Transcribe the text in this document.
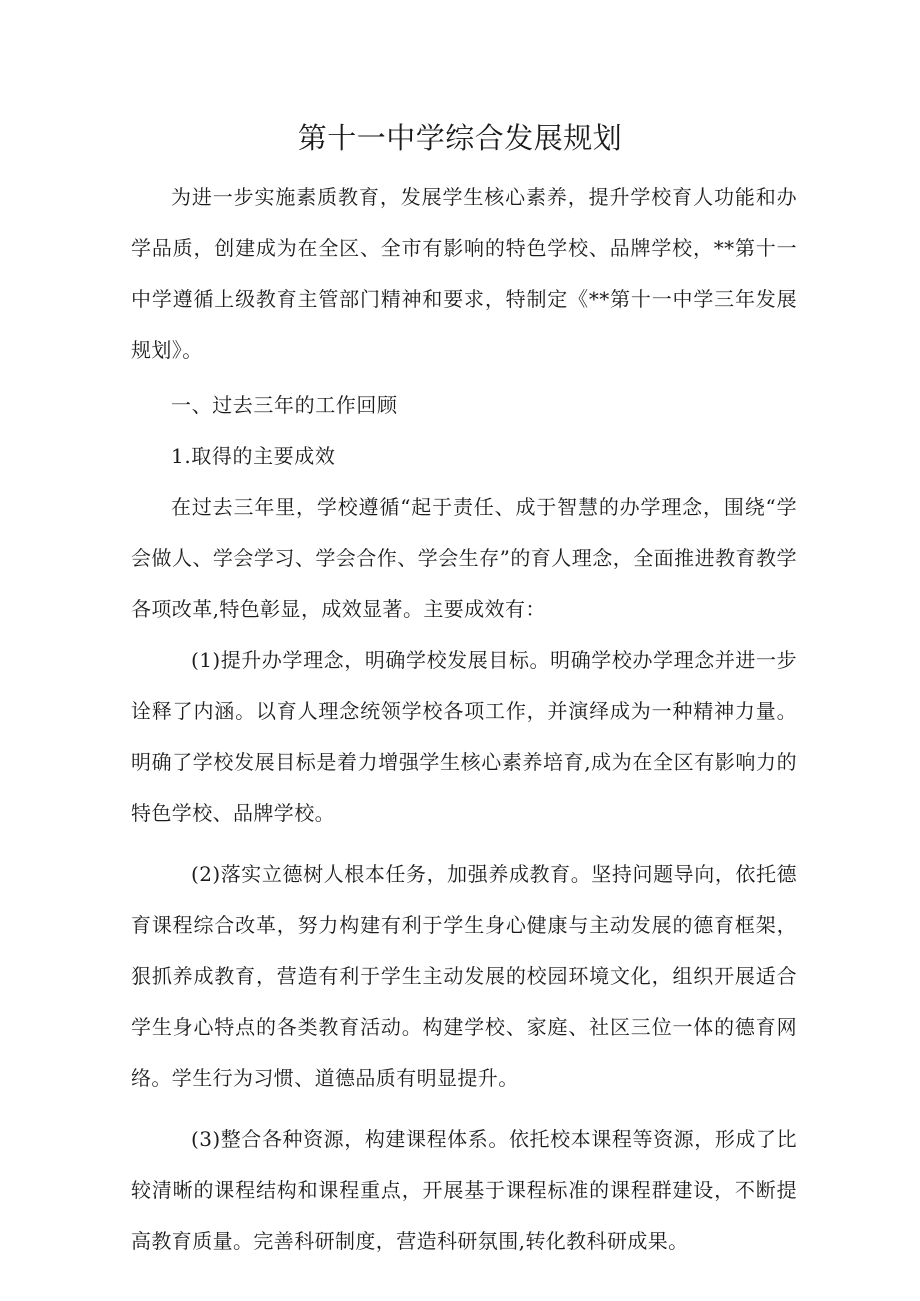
第十一中学综合发展规划

为进一步实施素质教育，发展学生核心素养，提升学校育人功能和办学品质，创建成为在全区、全市有影响的特色学校、品牌学校，**第十一中学遵循上级教育主管部门精神和要求，特制定《**第十一中学三年发展规划》。

一、过去三年的工作回顾

1.取得的主要成效

在过去三年里，学校遵循“起于责任、成于智慧的办学理念，围绕“学会做人、学会学习、学会合作、学会生存”的育人理念，全面推进教育教学各项改革,特色彰显，成效显著。主要成效有：

(1)提升办学理念，明确学校发展目标。明确学校办学理念并进一步诠释了内涵。以育人理念统领学校各项工作，并演绎成为一种精神力量。明确了学校发展目标是着力增强学生核心素养培育,成为在全区有影响力的特色学校、品牌学校。

(2)落实立德树人根本任务，加强养成教育。坚持问题导向，依托德育课程综合改革，努力构建有利于学生身心健康与主动发展的德育框架，狠抓养成教育，营造有利于学生主动发展的校园环境文化，组织开展适合学生身心特点的各类教育活动。构建学校、家庭、社区三位一体的德育网络。学生行为习惯、道德品质有明显提升。

(3)整合各种资源，构建课程体系。依托校本课程等资源，形成了比较清晰的课程结构和课程重点，开展基于课程标准的课程群建设，不断提高教育质量。完善科研制度，营造科研氛围,转化教科研成果。
